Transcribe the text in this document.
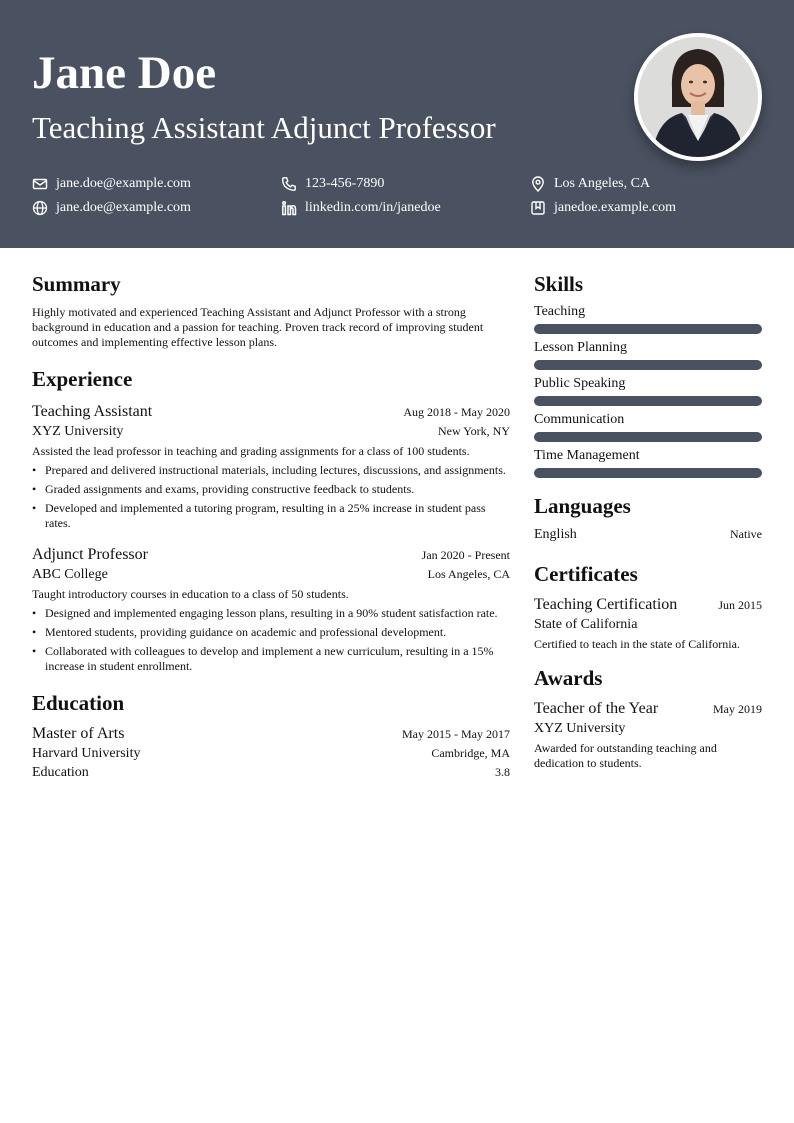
Jane Doe
Teaching Assistant Adjunct Professor
jane.doe@example.com	123-456-7890	Los Angeles, CA
jane.doe@example.com	linkedin.com/in/janedoe	janedoe.example.com
Summary
Highly motivated and experienced Teaching Assistant and Adjunct Professor with a strong background in education and a passion for teaching. Proven track record of improving student outcomes and implementing effective lesson plans.
Experience
Teaching Assistant	Aug 2018 - May 2020
XYZ University	New York, NY
Assisted the lead professor in teaching and grading assignments for a class of 100 students.
• Prepared and delivered instructional materials, including lectures, discussions, and assignments.
• Graded assignments and exams, providing constructive feedback to students.
• Developed and implemented a tutoring program, resulting in a 25% increase in student pass rates.
Adjunct Professor	Jan 2020 - Present
ABC College	Los Angeles, CA
Taught introductory courses in education to a class of 50 students.
• Designed and implemented engaging lesson plans, resulting in a 90% student satisfaction rate.
• Mentored students, providing guidance on academic and professional development.
• Collaborated with colleagues to develop and implement a new curriculum, resulting in a 15% increase in student enrollment.
Education
Master of Arts	May 2015 - May 2017
Harvard University	Cambridge, MA
Education	3.8
Skills
Teaching
Lesson Planning
Public Speaking
Communication
Time Management
Languages
English	Native
Certificates
Teaching Certification	Jun 2015
State of California
Certified to teach in the state of California.
Awards
Teacher of the Year	May 2019
XYZ University
Awarded for outstanding teaching and dedication to students.
